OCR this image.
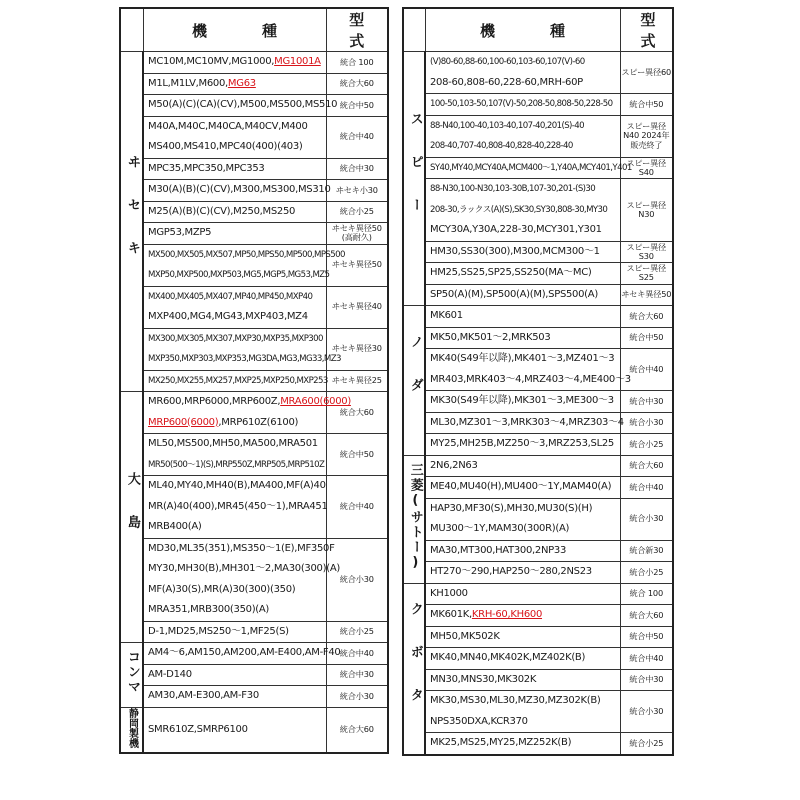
	機　種	型　式
ヰセキ	MC10M,MC10MV,MG1000,MG1001A	統合 100

	M1L,M1LV,M600,MG63	統合大60

	M50(A)(C)(CA)(CV),M500,MS500,MS510	統合中50

	M40A,M40C,M40CA,M40CV,M400
MS400,MS410,MPC40(400)(403)	統合中40

	MPC35,MPC350,MPC353	統合中30

	M30(A)(B)(C)(CV),M300,MS300,MS310	ヰセキ小30

	M25(A)(B)(C)(CV),M250,MS250	統合小25

	MGP53,MZP5	ヰセキ異径50 (高耐久)

	MX500,MX505,MX507,MP50,MPS50,MP500,MPS500
MXP50,MXP500,MXP503,MG5,MGP5,MG53,MZ5	ヰセキ異径50

	MX400,MX405,MX407,MP40,MP450,MXP40
MXP400,MG4,MG43,MXP403,MZ4	ヰセキ異径40

	MX300,MX305,MX307,MXP30,MXP35,MXP300
MXP350,MXP303,MXP353,MG3DA,MG3,MG33,MZ3	ヰセキ異径30

	MX250,MX255,MX257,MXP25,MXP250,MXP253	ヰセキ異径25
大島	MR600,MRP6000,MRP600Z,MRA600(6000)
MRP600(6000),MRP610Z(6100)	統合大60

	ML50,MS500,MH50,MA500,MRA501
MR50(500〜1)(S),MRP550Z,MRP505,MRP510Z	統合中50

	ML40,MY40,MH40(B),MA400,MF(A)40
MR(A)40(400),MR45(450〜1),MRA451
MRB400(A)	統合中40

	MD30,ML35(351),MS350〜1(E),MF350F
MY30,MH30(B),MH301〜2,MA30(300)(A)
MF(A)30(S),MR(A)30(300)(350)
MRA351,MRB300(350)(A)	統合小30

	D-1,MD25,MS250〜1,MF25(S)	統合小25
コンマ	AM4〜6,AM150,AM200,AM-E400,AM-F40	統合中40

	AM-D140	統合中30

	AM30,AM-E300,AM-F30	統合小30
静岡製機	SMR610Z,SMRP6100	統合大60
	機　種	型　式
スピー	(V)80-60,88-60,100-60,103-60,107(V)-60
208-60,808-60,228-60,MRH-60P	スピー異径60

	100-50,103-50,107(V)-50,208-50,808-50,228-50	統合中50

	88-N40,100-40,103-40,107-40,201(S)-40
208-40,707-40,808-40,828-40,228-40	スピー異径N40 2024年 販売終了

	SY40,MY40,MCY40A,MCM400〜1,Y40A,MCY401,Y401	スピー異径S40

	88-N30,100-N30,103-30B,107-30,201-(S)30
208-30,ラックス(A)(S),SK30,SY30,808-30,MY30
MCY30A,Y30A,228-30,MCY301,Y301	スピー異径N30

	HM30,SS30(300),M300,MCM300〜1	スピー異径S30

	HM25,SS25,SP25,SS250(MA〜MC)	スピー異径S25

	SP50(A)(M),SP500(A)(M),SPS500(A)	ヰセキ異径50
ノダ	MK601	統合大60

	MK50,MK501〜2,MRK503	統合中50

	MK40(S49年以降),MK401〜3,MZ401〜3
MR403,MRK403〜4,MRZ403〜4,ME400〜3	統合中40

	MK30(S49年以降),MK301〜3,ME300〜3	統合中30

	ML30,MZ301〜3,MRK303〜4,MRZ303〜4	統合小30

	MY25,MH25B,MZ250〜3,MRZ253,SL25	統合小25
三菱(サトー)	2N6,2N63	統合大60

	ME40,MU40(H),MU400〜1Y,MAM40(A)	統合中40

	HAP30,MF30(S),MH30,MU30(S)(H)
MU300〜1Y,MAM30(300R)(A)	統合小30

	MA30,MT300,HAT300,2NP33	統合新30

	HT270〜290,HAP250〜280,2NS23	統合小25
クボタ	KH1000	統合 100

	MK601K,KRH-60,KH600	統合大60

	MH50,MK502K	統合中50

	MK40,MN40,MK402K,MZ402K(B)	統合中40

	MN30,MNS30,MK302K	統合中30

	MK30,MS30,ML30,MZ30,MZ302K(B)
NPS350DXA,KCR370	統合小30

	MK25,MS25,MY25,MZ252K(B)	統合小25
